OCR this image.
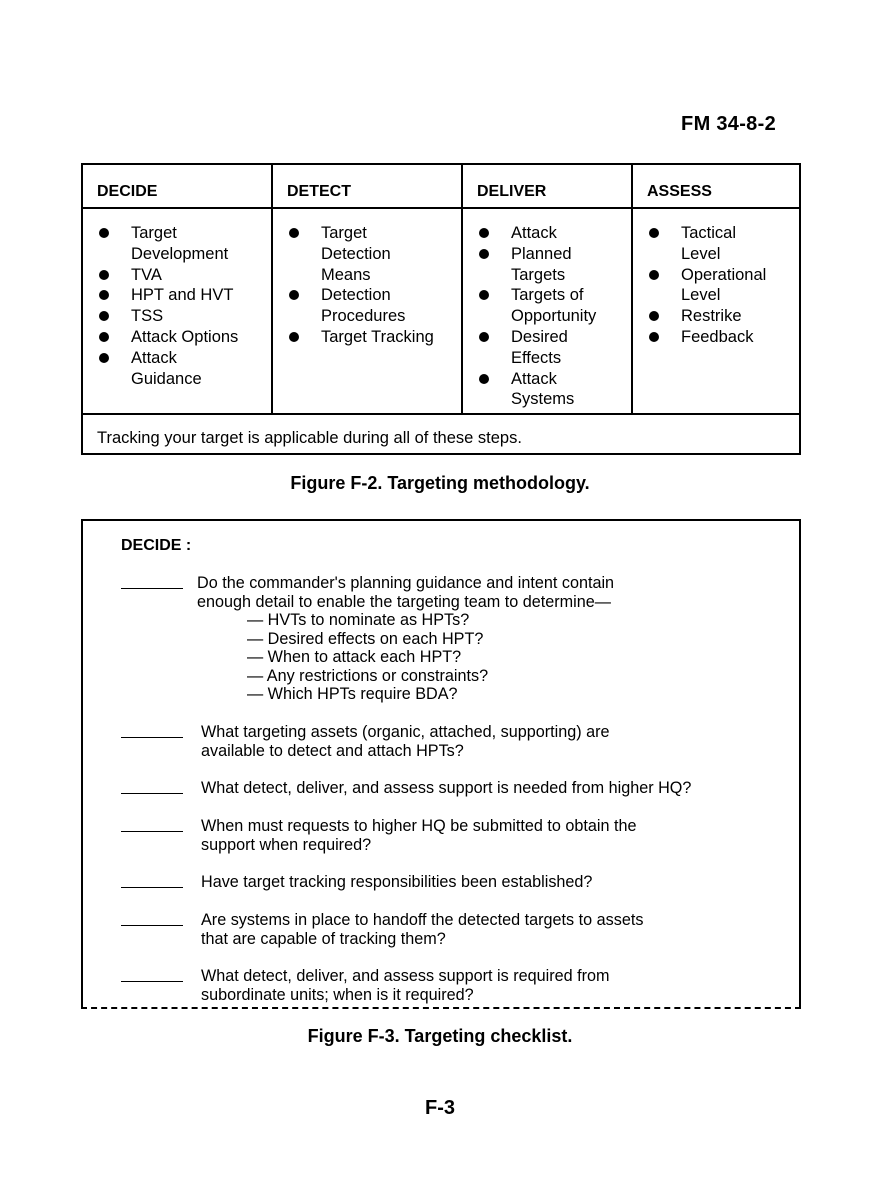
FM 34-8-2
DECIDE
Target
Development
TVA
HPT and HVT
TSS
Attack Options
Attack
Guidance
DETECT
Target
Detection
Means
Detection
Procedures
Target Tracking
DELIVER
Attack
Planned
Targets
Targets of
Opportunity
Desired
Effects
Attack
Systems
ASSESS
Tactical
Level
Operational
Level
Restrike
Feedback
Tracking your target is applicable during all of these steps.
Figure F-2. Targeting methodology.
DECIDE :
Do the commander's planning guidance and intent contain
enough detail to enable the targeting team to determine—
— HVTs to nominate as HPTs?
— Desired effects on each HPT?
— When to attack each HPT?
— Any restrictions or constraints?
— Which HPTs require BDA?
What targeting assets (organic, attached, supporting) are
available to detect and attach HPTs?
What detect, deliver, and assess support is needed from higher HQ?
When must requests to higher HQ be submitted to obtain the
support when required?
Have target tracking responsibilities been established?
Are systems in place to handoff the detected targets to assets
that are capable of tracking them?
What detect, deliver, and assess support is required from
subordinate units; when is it required?
Figure F-3. Targeting checklist.
F-3
